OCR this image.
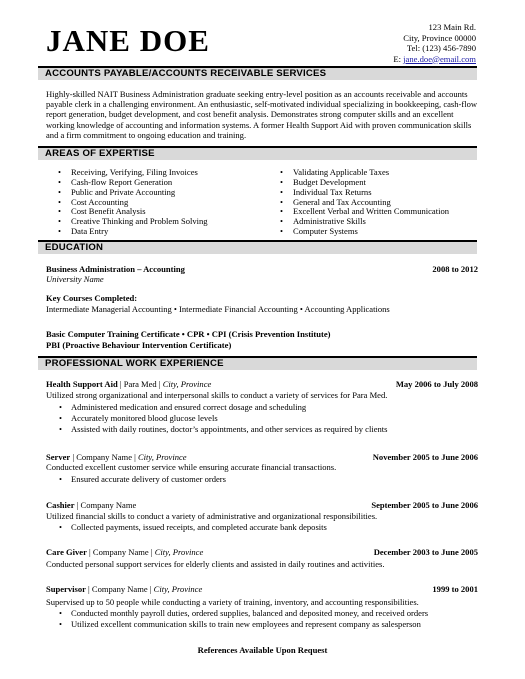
JANE DOE	123 Main Rd.
City, Province 00000
Tel: (123) 456-7890
E: jane.doe@email.com
ACCOUNTS PAYABLE/ACCOUNTS RECEIVABLE SERVICES
Highly-skilled NAIT Business Administration graduate seeking entry-level position as an accounts receivable and accounts payable clerk in a challenging environment. An enthusiastic, self-motivated individual specializing in bookkeeping, cash-flow report generation, budget development, and cost benefit analysis. Demonstrates strong computer skills and an excellent working knowledge of accounting and information systems. A former Health Support Aid with proven communication skills and a firm commitment to ongoing education and training.
AREAS OF EXPERTISE
• Receiving, Verifying, Filing Invoices
• Cash-flow Report Generation
• Public and Private Accounting
• Cost Accounting
• Cost Benefit Analysis
• Creative Thinking and Problem Solving
• Data Entry
• Validating Applicable Taxes
• Budget Development
• Individual Tax Returns
• General and Tax Accounting
• Excellent Verbal and Written Communication
• Administrative Skills
• Computer Systems
EDUCATION
Business Administration – Accounting	2008 to 2012
University Name
Key Courses Completed:
Intermediate Managerial Accounting • Intermediate Financial Accounting • Accounting Applications
Basic Computer Training Certificate • CPR • CPI (Crisis Prevention Institute)
PBI (Proactive Behaviour Intervention Certificate)
PROFESSIONAL WORK EXPERIENCE
Health Support Aid | Para Med | City, Province	May 2006 to July 2008
Utilized strong organizational and interpersonal skills to conduct a variety of services for Para Med.
• Administered medication and ensured correct dosage and scheduling
• Accurately monitored blood glucose levels
• Assisted with daily routines, doctor’s appointments, and other services as required by clients
Server | Company Name | City, Province	November 2005 to June 2006
Conducted excellent customer service while ensuring accurate financial transactions.
• Ensured accurate delivery of customer orders
Cashier | Company Name	September 2005 to June 2006
Utilized financial skills to conduct a variety of administrative and organizational responsibilities.
• Collected payments, issued receipts, and completed accurate bank deposits
Care Giver | Company Name | City, Province	December 2003 to June 2005
Conducted personal support services for elderly clients and assisted in daily routines and activities.
Supervisor | Company Name | City, Province	1999 to 2001
Supervised up to 50 people while conducting a variety of training, inventory, and accounting responsibilities.
• Conducted monthly payroll duties, ordered supplies, balanced and deposited money, and received orders
• Utilized excellent communication skills to train new employees and represent company as salesperson
References Available Upon Request
